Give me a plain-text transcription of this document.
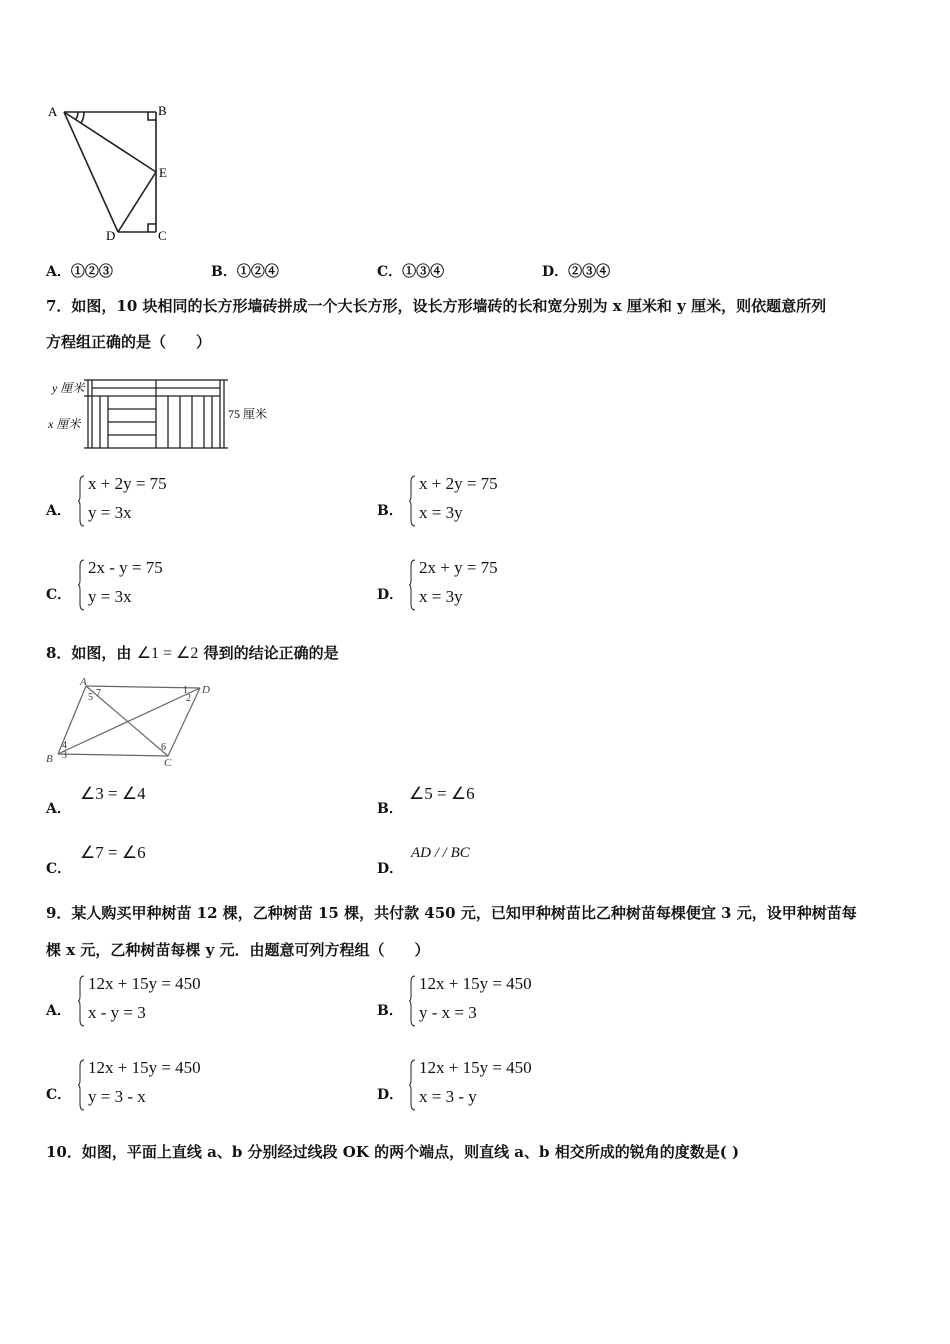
A	B
E
D	C
A．①②③	B．①②④	C．①③④	D．②③④
7．如图，10 块相同的长方形墙砖拼成一个大长方形，设长方形墙砖的长和宽分别为 x 厘米和 y 厘米，则依题意所列
方程组正确的是（　　）
y 厘米
x 厘米
75 厘米
A．
x + 2y = 75
y = 3x	B．
x + 2y = 75
x = 3y
C．
2x - y = 75
y = 3x	D．
2x + y = 75
x = 3y
8．如图，由 ∠1 = ∠2 得到的结论正确的是
A
D
B	C
1
2
4
3
5 7
6
A．
∠3 = ∠4
B．
∠5 = ∠6
C．
∠7 = ∠6
D．
AD / / BC
9．某人购买甲种树苗 12 棵，乙种树苗 15 棵，共付款 450 元，已知甲种树苗比乙种树苗每棵便宜 3 元，设甲种树苗每
棵 x 元，乙种树苗每棵 y 元．由题意可列方程组（　　）
A．
12x + 15y = 450
x - y = 3	B．
12x + 15y = 450
y - x = 3
C．
12x + 15y = 450
y = 3 - x	D．
12x + 15y = 450
x = 3 - y
10．如图，平面上直线 a、b 分别经过线段 OK 的两个端点，则直线 a、b 相交所成的锐角的度数是( )
